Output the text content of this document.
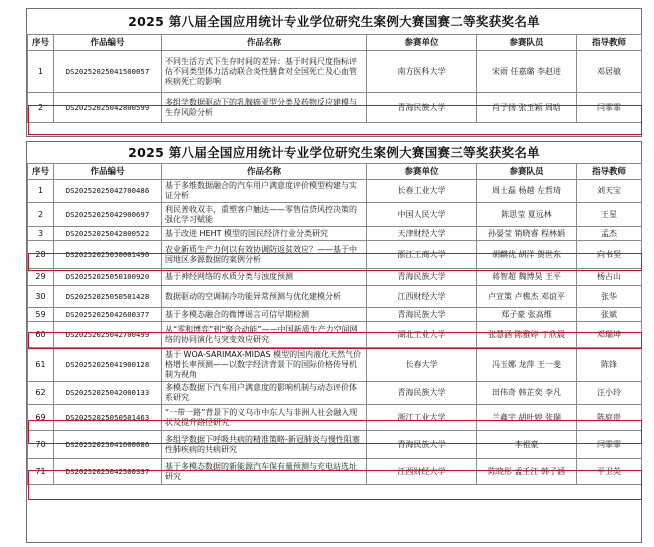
2025 第八届全国应用统计专业学位研究生案例大赛国赛二等奖获奖名单
序号	作品编号	作品名称	参赛单位	参赛队员	指导教师
1	DS20252025041500057	不同生活方式下生存时间的差异：基于时间尺度指标评估不同类型体力活动联合炎性膳食对全国死亡及心血管疾病死亡的影响	南方医科大学	宋雨 任嘉璐 李赵进	邓居敏
2	DS20252025042800599	多组学数据驱动下的乳腺癌亚型分类及药物反应建模与生存风险分析	青海民族大学	肖子扬 张玉颖 周晗	闫霏霏
2025 第八届全国应用统计专业学位研究生案例大赛国赛三等奖获奖名单
序号	作品编号	作品名称	参赛单位	参赛队员	指导教师
1	DS20252025042700486	基于多维数据融合的汽车用户满意度评价模型构建与实证分析	长春工业大学	周士磊 杨越 左哲琦	刘天宝
2	DS20252025042900697	利民普收双丰，重塑客户触达——零售信贷风控决策的强化学习赋能	中国人民大学	陈思莹 夏远林	王星
3	DS20252025042800522	基于改进 HEHT 模型的国民经济行业分类研究	天津财经大学	孙晏莹 销晓睿 程林娟	孟杰
28	DS20252025050001490	农业新质生产力何以有效协调防返贫效应？——基于中国地区多源数据的案例分析	浙江工商大学	胡麒优 胡洋 贺世东	向书坚
29	DS20252025050100920	基于神经网络的水质分类与浊度预测	青海民族大学	蒋智超 魏博昊 王平	杨占山
30	DS20252025050501428	数据驱动的空调制冷功能异常预测与优化建模分析	江西财经大学	卢宣策 卢樵杰 邓谊平	张华
59	DS20252025042600377	基于多模态融合的微博谣言可信早期检测	青海民族大学	郑子豪 张高维	张斌
60	DS20252025042700499	从“零和博弈”到“聚合动能”——中国新质生产力空间网络的协同演化与突变效应研究	湖北工业大学	张慧涵 陈雅婷 丁欣晨	邓瑞坤
61	DS20252025041900128	基于 WOA-SARIMAX-MIDAS 模型的国内液化天然气价格增长率预测——以数字经济背景下的国际价格传导机制为视角	长春大学	冯玉娜 龙萍 王一斐	陈锋
62	DS20252025042000133	多模态数据下汽车用户满意度的影响机制与动态评价体系研究	青海民族大学	田伟奇 韩芷奕 李凡	汪小玲
69	DS20252025050501463	“一带一路”背景下的义乌市中东人与非洲人社会融入现状及提升路径研究	浙江工业大学	兰鑫宇 胡叶婷 张瑞	陈庭贵
70	DS20252025041600086	多组学数据下呼吸共病的精准策略-新冠肺炎与慢性阻塞性肺疾病的共病研究	青海民族大学	李祖豪	闫霏霏
71	DS20252025042500337	基于多模态数据的新能源汽车保有量预测与充电站选址研究	江西财经大学	陈晓彤 孟壬江 韩子涵	平卫英
